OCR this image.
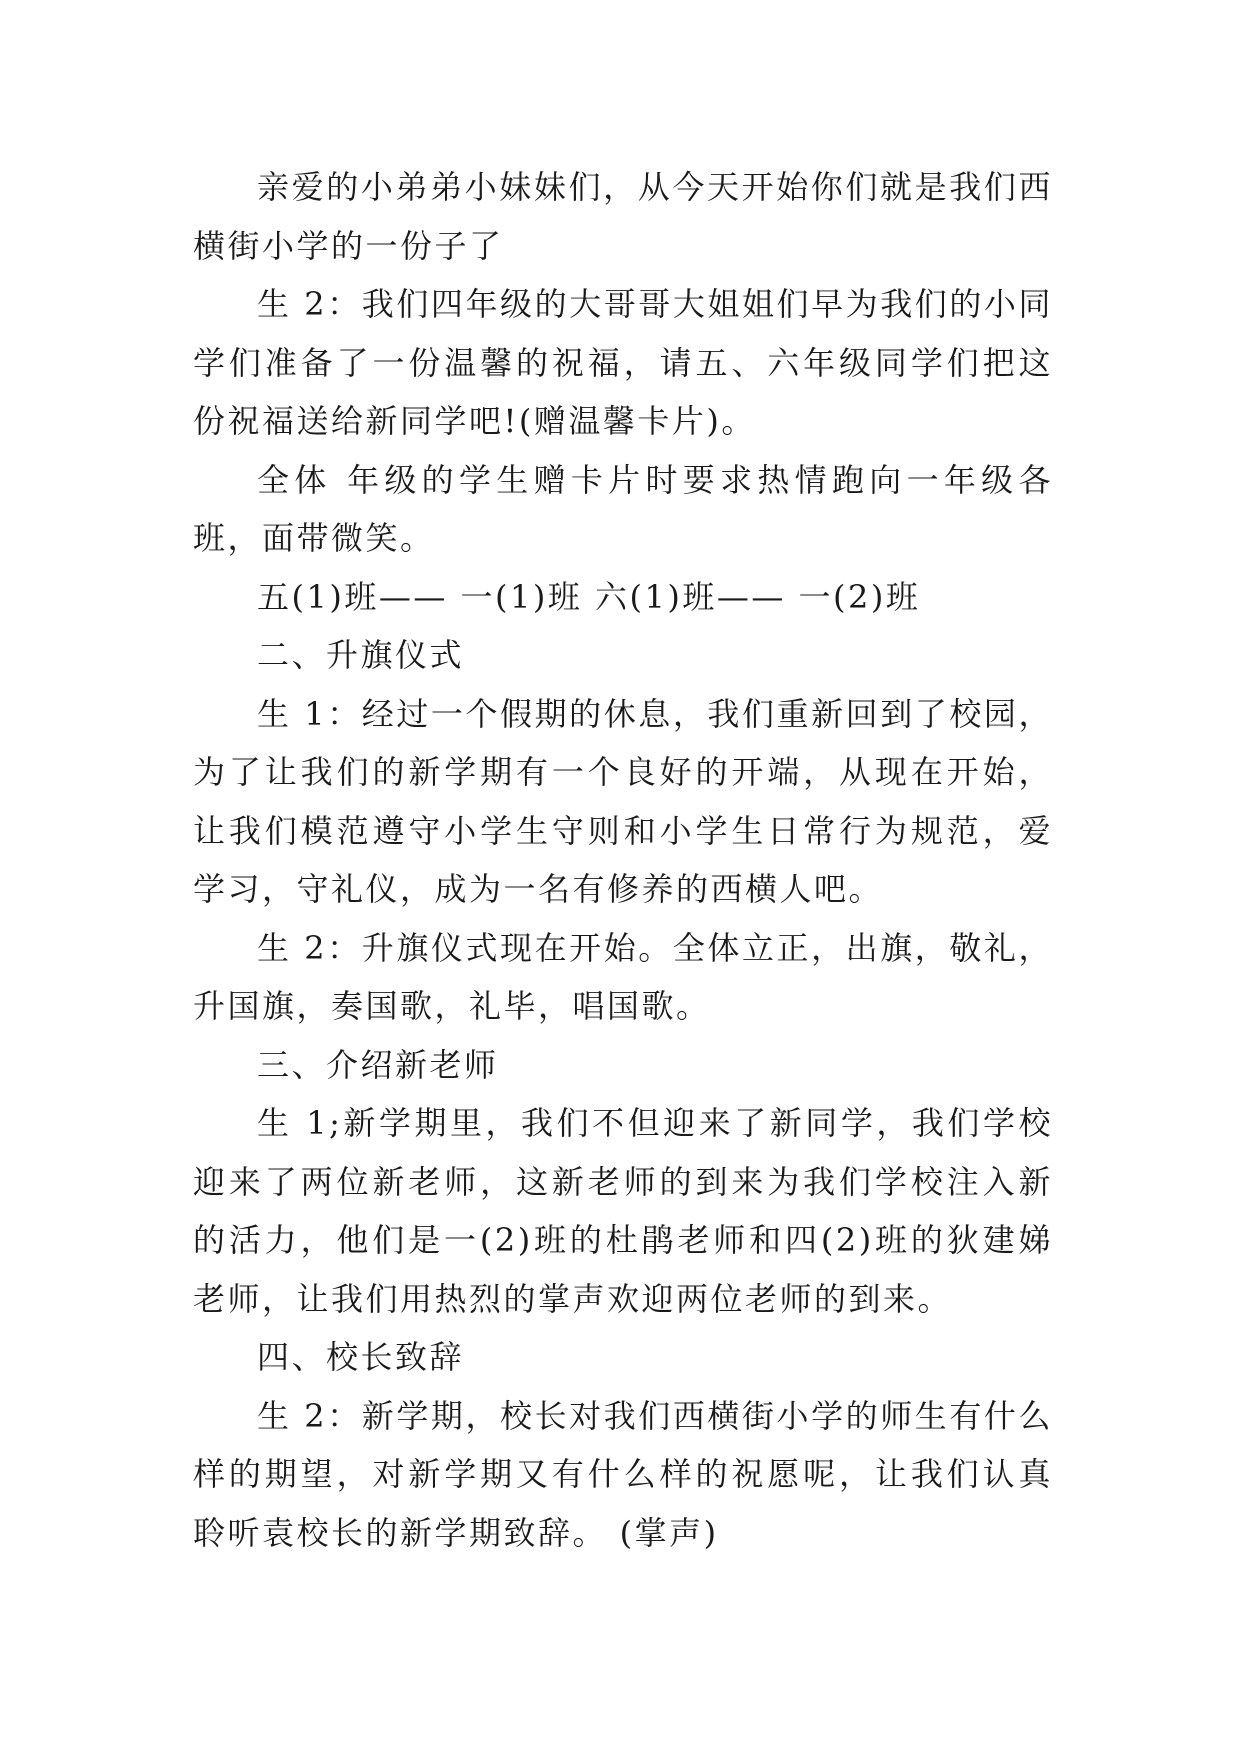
亲爱的小弟弟小妹妹们，从今天开始你们就是我们西横街小学的一份子了

生 2：我们四年级的大哥哥大姐姐们早为我们的小同学们准备了一份温馨的祝福，请五、六年级同学们把这份祝福送给新同学吧!(赠温馨卡片)。

全体 年级的学生赠卡片时要求热情跑向一年级各班，面带微笑。

五(1)班—— 一(1)班 六(1)班—— 一(2)班

二、升旗仪式

生 1：经过一个假期的休息，我们重新回到了校园，为了让我们的新学期有一个良好的开端，从现在开始，让我们模范遵守小学生守则和小学生日常行为规范，爱学习，守礼仪，成为一名有修养的西横人吧。

生 2：升旗仪式现在开始。全体立正，出旗，敬礼，升国旗，奏国歌，礼毕，唱国歌。

三、介绍新老师

生 1;新学期里，我们不但迎来了新同学，我们学校迎来了两位新老师，这新老师的到来为我们学校注入新的活力，他们是一(2)班的杜鹃老师和四(2)班的狄建娣老师，让我们用热烈的掌声欢迎两位老师的到来。

四、校长致辞

生 2：新学期，校长对我们西横街小学的师生有什么样的期望，对新学期又有什么样的祝愿呢，让我们认真聆听袁校长的新学期致辞。 (掌声)
